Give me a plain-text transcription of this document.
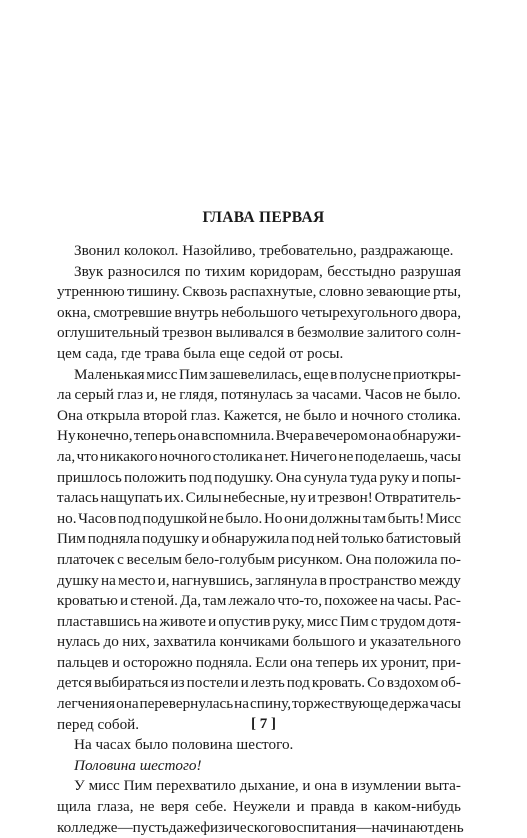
ГЛАВА ПЕРВАЯ
Звонил колокол. Назойливо, требовательно, раздражающе.
Звук разносился по тихим коридорам, бесстыдно разрушая
утреннюю тишину. Сквозь распахнутые, словно зевающие рты,
окна, смотревшие внутрь небольшого четырехугольного двора,
оглушительный трезвон выливался в безмолвие залитого солн-
цем сада, где трава была еще седой от росы.
Маленькая мисс Пим зашевелилась, еще в полусне приоткры-
ла серый глаз и, не глядя, потянулась за часами. Часов не было.
Она открыла второй глаз. Кажется, не было и ночного столика.
Ну конечно, теперь она вспомнила. Вчера вечером она обнаружи-
ла, что никакого ночного столика нет. Ничего не поделаешь, часы
пришлось положить под подушку. Она сунула туда руку и попы-
талась нащупать их. Силы небесные, ну и трезвон! Отвратитель-
но. Часов под подушкой не было. Но они должны там быть! Мисс
Пим подняла подушку и обнаружила под ней только батистовый
платочек с веселым бело-голубым рисунком. Она положила по-
душку на место и, нагнувшись, заглянула в пространство между
кроватью и стеной. Да, там лежало что-то, похожее на часы. Рас-
пластавшись на животе и опустив руку, мисс Пим с трудом дотя-
нулась до них, захватила кончиками большого и указательного
пальцев и осторожно подняла. Если она теперь их уронит, при-
дется выбираться из постели и лезть под кровать. Со вздохом об-
легчения она перевернулась на спину, торжествующе держа часы
перед собой.
На часах было половина шестого.
Половина шестого!
У мисс Пим перехватило дыхание, и она в изумлении выта-
щила глаза, не веря себе. Неужели и правда в каком-нибудь
колледже — пусть даже физического воспитания — начинают день

[ 7 ]
